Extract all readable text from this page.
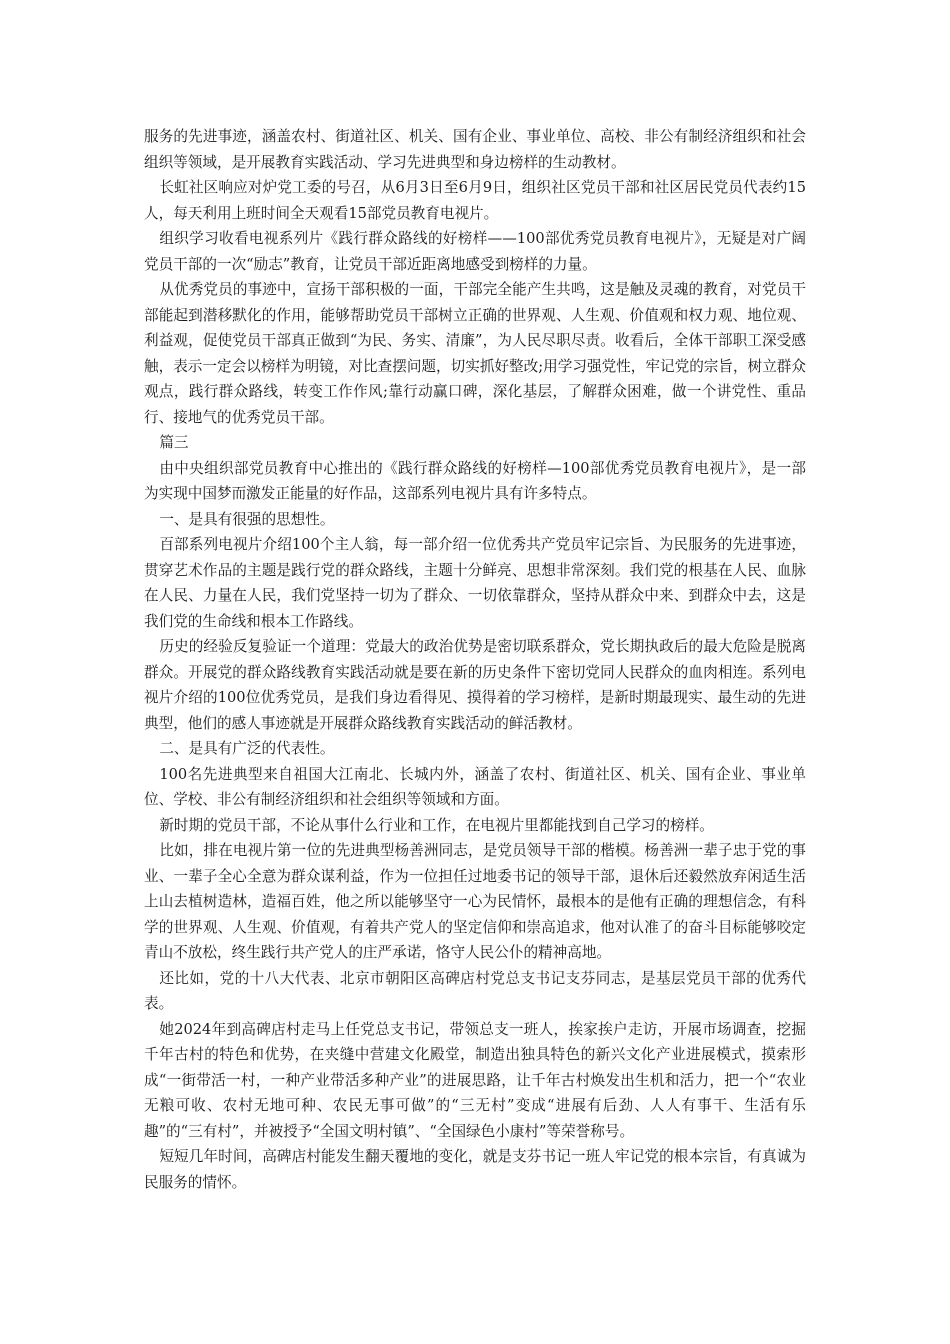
服务的先进事迹，涵盖农村、街道社区、机关、国有企业、事业单位、高校、非公有制经济组织和社会组织等领域，是开展教育实践活动、学习先进典型和身边榜样的生动教材。

长虹社区响应对炉党工委的号召，从6月3日至6月9日，组织社区党员干部和社区居民党员代表约15人，每天利用上班时间全天观看15部党员教育电视片。

组织学习收看电视系列片《践行群众路线的好榜样——100部优秀党员教育电视片》，无疑是对广阔党员干部的一次“励志”教育，让党员干部近距离地感受到榜样的力量。

从优秀党员的事迹中，宣扬干部积极的一面，干部完全能产生共鸣，这是触及灵魂的教育，对党员干部能起到潜移默化的作用，能够帮助党员干部树立正确的世界观、人生观、价值观和权力观、地位观、利益观，促使党员干部真正做到“为民、务实、清廉”，为人民尽职尽责。收看后，全体干部职工深受感触，表示一定会以榜样为明镜，对比查摆问题，切实抓好整改;用学习强党性，牢记党的宗旨，树立群众观点，践行群众路线，转变工作作风;靠行动赢口碑，深化基层，了解群众困难，做一个讲党性、重品行、接地气的优秀党员干部。

篇三

由中央组织部党员教育中心推出的《践行群众路线的好榜样—100部优秀党员教育电视片》，是一部为实现中国梦而激发正能量的好作品，这部系列电视片具有许多特点。

一、是具有很强的思想性。

百部系列电视片介绍100个主人翁，每一部介绍一位优秀共产党员牢记宗旨、为民服务的先进事迹，贯穿艺术作品的主题是践行党的群众路线，主题十分鲜亮、思想非常深刻。我们党的根基在人民、血脉在人民、力量在人民，我们党坚持一切为了群众、一切依靠群众，坚持从群众中来、到群众中去，这是我们党的生命线和根本工作路线。

历史的经验反复验证一个道理：党最大的政治优势是密切联系群众，党长期执政后的最大危险是脱离群众。开展党的群众路线教育实践活动就是要在新的历史条件下密切党同人民群众的血肉相连。系列电视片介绍的100位优秀党员，是我们身边看得见、摸得着的学习榜样，是新时期最现实、最生动的先进典型，他们的感人事迹就是开展群众路线教育实践活动的鲜活教材。

二、是具有广泛的代表性。

100名先进典型来自祖国大江南北、长城内外，涵盖了农村、街道社区、机关、国有企业、事业单位、学校、非公有制经济组织和社会组织等领域和方面。

新时期的党员干部，不论从事什么行业和工作，在电视片里都能找到自己学习的榜样。

比如，排在电视片第一位的先进典型杨善洲同志，是党员领导干部的楷模。杨善洲一辈子忠于党的事业、一辈子全心全意为群众谋利益，作为一位担任过地委书记的领导干部，退休后还毅然放弃闲适生活上山去植树造林，造福百姓，他之所以能够坚守一心为民情怀，最根本的是他有正确的理想信念，有科学的世界观、人生观、价值观，有着共产党人的坚定信仰和崇高追求，他对认准了的奋斗目标能够咬定青山不放松，终生践行共产党人的庄严承诺，恪守人民公仆的精神高地。

还比如，党的十八大代表、北京市朝阳区高碑店村党总支书记支芬同志，是基层党员干部的优秀代表。

她2024年到高碑店村走马上任党总支书记，带领总支一班人，挨家挨户走访，开展市场调查，挖掘千年古村的特色和优势，在夹缝中营建文化殿堂，制造出独具特色的新兴文化产业进展模式，摸索形成“一街带活一村，一种产业带活多种产业”的进展思路，让千年古村焕发出生机和活力，把一个“农业无粮可收、农村无地可种、农民无事可做”的“三无村”变成“进展有后劲、人人有事干、生活有乐趣”的“三有村”，并被授予“全国文明村镇”、“全国绿色小康村”等荣誉称号。

短短几年时间，高碑店村能发生翻天覆地的变化，就是支芬书记一班人牢记党的根本宗旨，有真诚为民服务的情怀。
